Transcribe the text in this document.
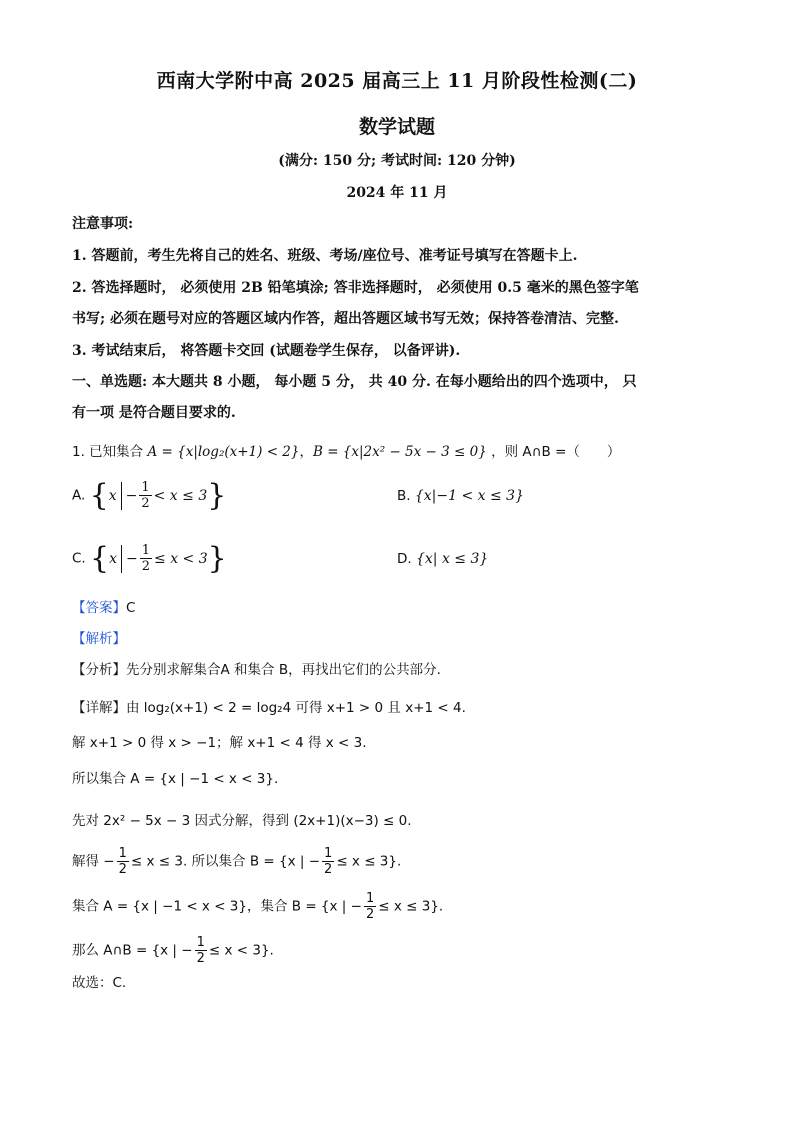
西南大学附中高 2025 届高三上 11 月阶段性检测(二)
数学试题
(满分: 150 分; 考试时间: 120 分钟)
2024 年 11 月
注意事项:
1. 答题前，考生先将自己的姓名、班级、考场/座位号、准考证号填写在答题卡上.
2. 答选择题时， 必须使用 2B 铅笔填涂; 答非选择题时， 必须使用 0.5 毫米的黑色签字笔
书写; 必须在题号对应的答题区域内作答，超出答题区域书写无效；保持答卷清洁、完整.
3. 考试结束后， 将答题卡交回 (试题卷学生保存， 以备评讲).
一、单选题: 本大题共 8 小题， 每小题 5 分， 共 40 分. 在每小题给出的四个选项中， 只
有一项 是符合题目要求的.
1. 已知集合 A = {x|log₂(x+1) < 2}，B = {x|2x² − 5x − 3 ≤ 0} ，则 A∩B =（　　）
A. $\{x - \frac{1}{2} < x \le 3\}$	B. {x|−1 < x ≤ 3}
C. $\{x - \frac{1}{2} \le x < 3\}$	D. {x| x ≤ 3}
【答案】C
【解析】
【分析】先分别求解集合A 和集合 B，再找出它们的公共部分.
【详解】由 log₂(x+1) < 2 = log₂4 可得 x+1 > 0 且 x+1 < 4.
解 x+1 > 0 得 x > −1；解 x+1 < 4 得 x < 3.
所以集合 A = {x | −1 < x < 3}.
先对 2x² − 5x − 3 因式分解，得到 (2x+1)(x−3) ≤ 0.
解得 − $\frac{1}{2} \le x \le 3$. 所以集合 B = {x | − $\frac{1}{2} \le x \le 3$}.
集合 A = {x | −1 < x < 3}，集合 B = {x | − $\frac{1}{2} \le x \le 3$}.
那么 A∩B = {x | − $\frac{1}{2} \le x < 3$}.
故选：C.
